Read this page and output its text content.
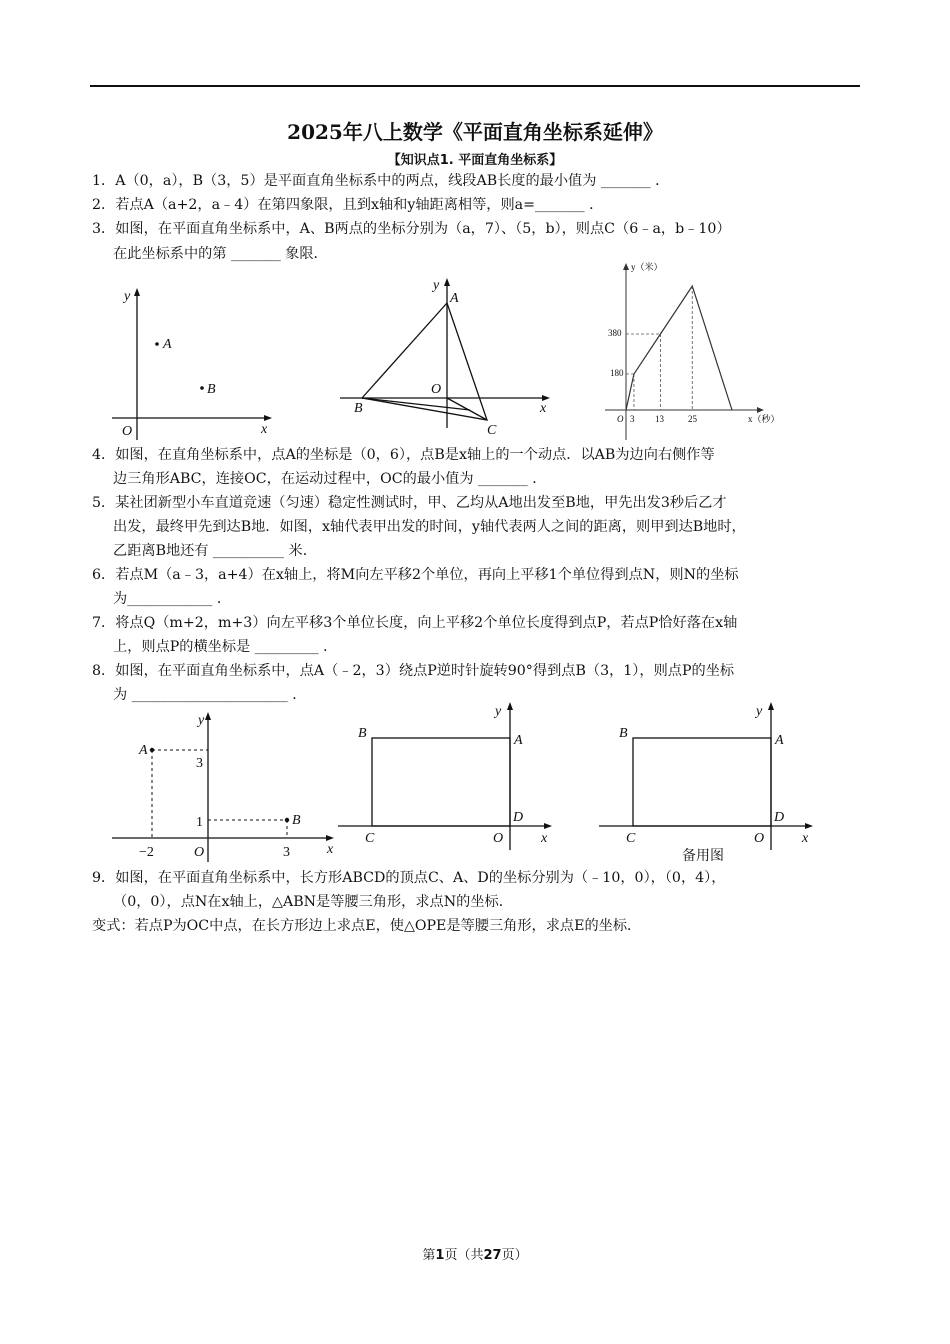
2025年八上数学《平面直角坐标系延伸》
【知识点1. 平面直角坐标系】
1．A（0，a），B（3，5）是平面直角坐标系中的两点，线段AB长度的最小值为 _______ ．
2．若点A（a+2，a﹣4）在第四象限，且到x轴和y轴距离相等，则a=_______ ．
3．如图，在平面直角坐标系中，A、B两点的坐标分别为（a，7）、（5，b），则点C（6﹣a，b﹣10）
在此坐标系中的第 _______ 象限．
y
x
O
A
B
y
x
O
A
B
C
y（米）
x（秒）
O
180
380
3 13	25
4．如图，在直角坐标系中，点A的坐标是（0，6），点B是x轴上的一个动点．以AB为边向右侧作等
边三角形ABC，连接OC，在运动过程中，OC的最小值为 _______ ．
5．某社团新型小车直道竞速（匀速）稳定性测试时，甲、乙均从A地出发至B地，甲先出发3秒后乙才
出发，最终甲先到达B地．如图，x轴代表甲出发的时间，y轴代表两人之间的距离，则甲到达B地时，
乙距离B地还有 __________ 米．
6．若点M（a﹣3，a+4）在x轴上，将M向左平移2个单位，再向上平移1个单位得到点N，则N的坐标
为____________ ．
7．将点Q（m+2，m+3）向左平移3个单位长度，向上平移2个单位长度得到点P，若点P恰好落在x轴
上，则点P的横坐标是 _________ ．
8．如图，在平面直角坐标系中，点A（﹣2，3）绕点P逆时针旋转90°得到点B（3，1），则点P的坐标
为 ______________________ ．
y
x
O
A
B
3
1
−2	3
y
x
O
A
B
C
D
y
x
O
A
B
C
D
备用图
9．如图，在平面直角坐标系中，长方形ABCD的顶点C、A、D的坐标分别为（﹣10，0），（0，4），
（0，0），点N在x轴上，△ABN是等腰三角形，求点N的坐标．
变式：若点P为OC中点，在长方形边上求点E，使△OPE是等腰三角形，求点E的坐标．
第1页（共27页）
